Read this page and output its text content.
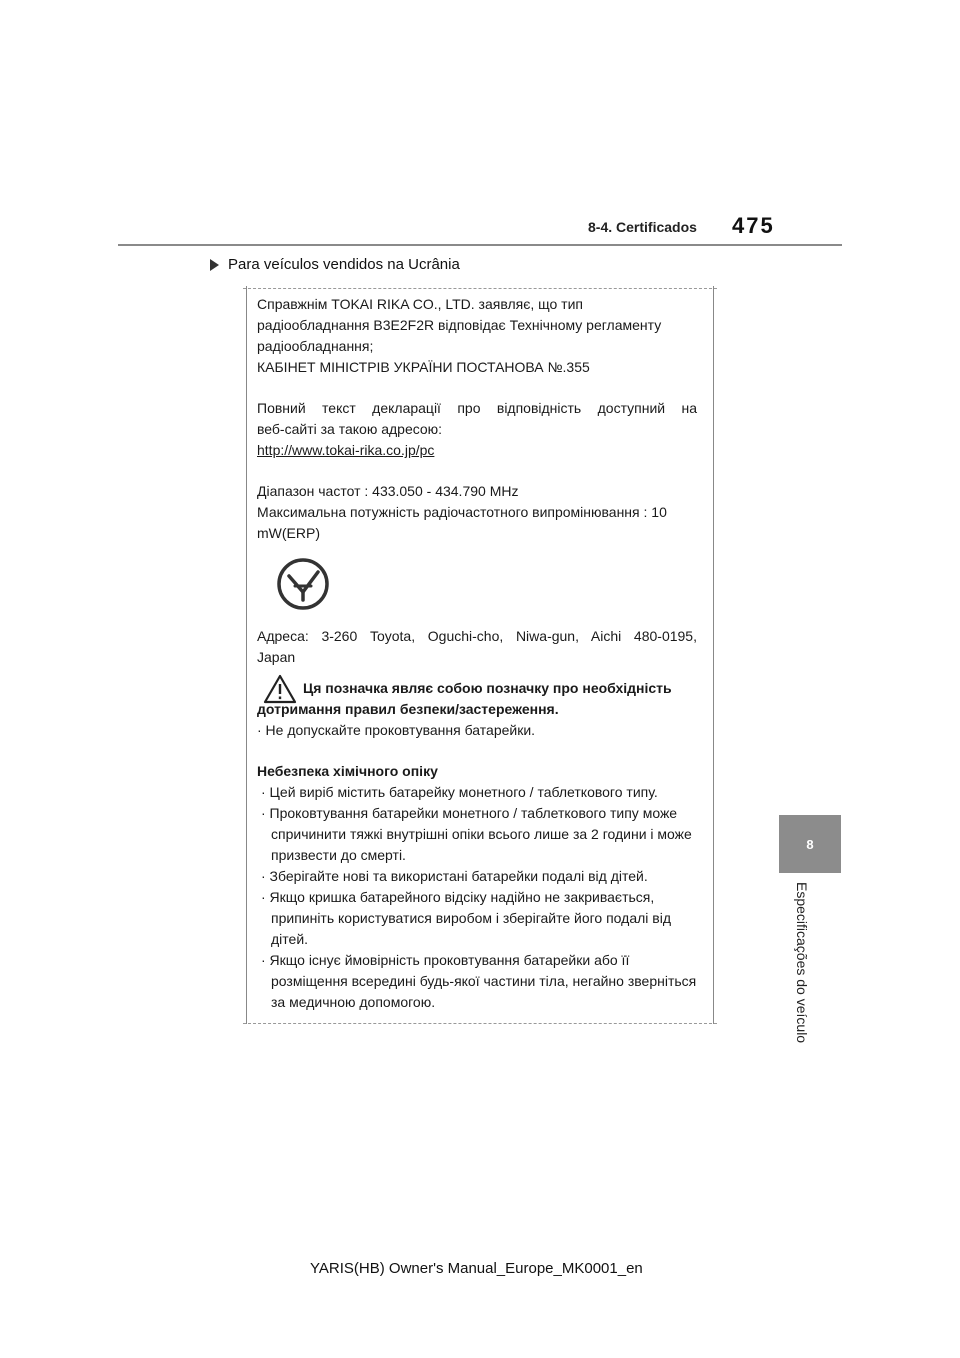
8-4. Certificados 475
Para veículos vendidos na Ucrânia

Справжнім TOKAI RIKA CO., LTD. заявляє, що тип

радіообладнання B3E2F2R відповідає Технічному регламенту

радіообладнання;

КАБІНЕТ МІНІСТРІВ УКРАЇНИ ПОСТАНОВА №.355

Повний текст декларації про відповідність доступний на

веб-сайті за такою адресою:

http://www.tokai-rika.co.jp/pc

Діапазон частот : 433.050 - 434.790 MHz

Максимальна потужність радіочастотного випромінювання : 10

mW(ERP)

Адреса: 3-260 Toyota, Oguchi-cho, Niwa-gun, Aichi 480-0195,

Japan

Ця позначка являє собою позначку про необхідність

дотримання правил безпеки/застереження.

· Не допускайте проковтування батарейки.

Небезпека хімічного опіку

· Цей виріб містить батарейку монетного / таблеткового типу.

· Проковтування батарейки монетного / таблеткового типу може спричинити тяжкі внутрішні опіки всього лише за 2 години і може призвести до смерті.

· Зберігайте нові та використані батарейки подалі від дітей.

· Якщо кришка батарейного відсіку надійно не закривається, припиніть користуватися виробом і зберігайте його подалі від дітей.

· Якщо існує ймовірність проковтування батарейки або її розміщення всередині будь-якої частини тіла, негайно зверніться за медичною допомогою.

8
Especificações do veículo
YARIS(HB) Owner's Manual_Europe_MK0001_en
